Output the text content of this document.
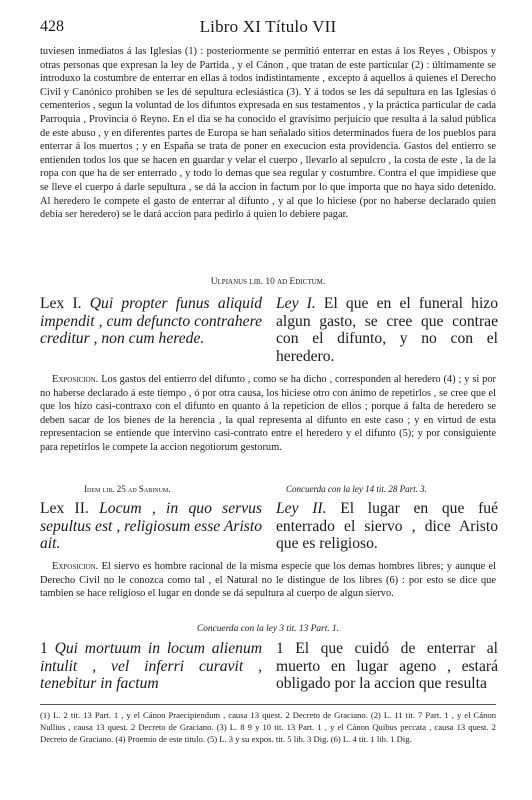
428	Libro XI Título VII

tuviesen inmediatos á las Iglesias (1) : posteriormente se permitió enterrar en estas á los Reyes , Obispos y otras personas que expresan la ley de Partida , y el Cánon , que tratan de este particular (2) : últimamente se introduxo la costumbre de enterrar en ellas á todos indistintamente , excepto á aquellos á quienes el Derecho Civil y Canónico prohiben se les dé sepultura eclesiástica (3). Y á todos se les dá sepultura en las Iglesias ó cementerios , segun la voluntad de los difuntos expresada en sus testamentos , y la práctica particular de cada Parroquia , Provincia ó Reyno. En el dia se ha conocido el gravísimo perjuicio que resulta á la salud pública de este abuso , y en diferentes partes de Europa se han señalado sitios determinados fuera de los pueblos para enterrar á los muertos ; y en España se trata de poner en execucion esta providencia. Gastos del entierro se entienden todos los que se hacen en guardar y velar el cuerpo , llevarlo al sepulcro , la costa de este , la de la ropa con que ha de ser enterrado , y todo lo demas que sea regular y costumbre. Contra el que impidiese que se lleve el cuerpo á darle sepultura , se dá la accion in factum por lo que importa que no haya sido detenido. Al heredero le compete el gasto de enterrar al difunto , y al que lo hiciese (por no haberse declarado quien debia ser heredero) se le dará accion para pedirlo á quien lo debiere pagar.

Ulpianus lib. 10 ad Edictum.
Lex I. Qui propter funus aliquid impendit , cum defuncto contrahere creditur , non cum herede.
Ley I. El que en el funeral hizo algun gasto, se cree que contrae con el difunto, y no con el heredero.

Exposicion. Los gastos del entierro del difunto , como se ha dicho , corresponden al heredero (4) ; y si por no haberse declarado á este tiempo , ó por otra causa, los hiciese otro con ánimo de repetirlos , se cree que el que los hizo casi-contraxo con el difunto en quanto á la repeticion de ellos ; porque á falta de heredero se deben sacar de los bienes de la herencia , la qual representa al difunto en este caso ; y en virtud de esta representacion se entiende que intervino casi-contrato entre el heredero y el difunto (5); y por consiguiente para repetirlos le compete la accion negotiorum gestorum.

Idem lib. 25 ad Sabinum.	Concuerda con la ley 14 tit. 28 Part. 3.
Lex II. Locum , in quo servus sepultus est , religiosum esse Aristo ait.
Ley II. El lugar en que fué enterrado el siervo , dice Aristo que es religioso.

Exposicion. El siervo es hombre racional de la misma especie que los demas hombres libres; y aunque el Derecho Civil no le conozca como tal , el Natural no le distingue de los libres (6) : por esto se dice que tambien se hace religioso el lugar en donde se dá sepultura al cuerpo de algun siervo.

Concuerda con la ley 3 tit. 13 Part. 1.
1 Qui mortuum in locum alienum intulit , vel inferri curavit , tenebitur in factum
1 El que cuidó de enterrar al muerto en lugar ageno , estará obligado por la accion que resulta

(1) L. 2 tit. 13 Part. 1 , y el Cánon Praecipiendum , causa 13 quest. 2 Decreto de Graciano. (2) L. 11 tit. 7 Part. 1 , y el Cánon Nullius , causa 13 quest. 2 Decreto de Graciano. (3) L. 8 9 y 10 tit. 13 Part. 1 , y el Cánon Quibus peccata , causa 13 quest. 2 Decreto de Graciano. (4) Proemio de este titulo. (5) L. 3 y su expos. tit. 5 lib. 3 Dig. (6) L. 4 tit. 1 lib. 1 Dig.
